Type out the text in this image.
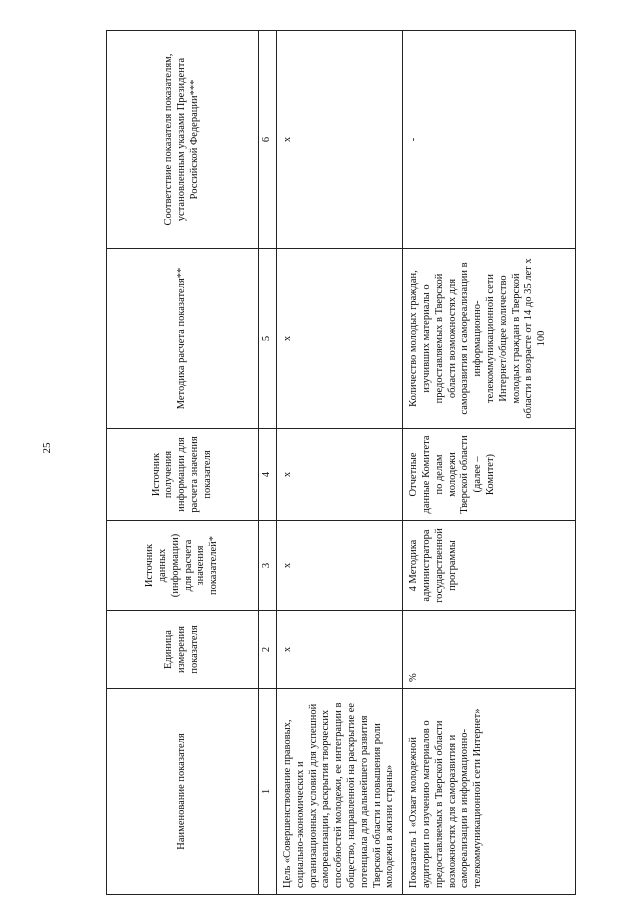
25
Наименование показателя	Единица измерения показателя	Источник данных (информации) для расчета значения показателей*	Источник получения информации для расчета значения показателя	Методика расчета показателя**	Соответствие показателя показателям, установленным указами Президента Российской Федерации***
1	2	3	4	5	6
Цель «Совершенствование правовых, социально-экономических и организационных условий для успешной самореализации, раскрытия творческих способностей молодежи, ее интеграции в общество, направленной на раскрытие ее потенциала для дальнейшего развития Тверской области и повышения роли молодежи в жизни страны»	х	х	х	х	х
Показатель 1 «Охват молодежной аудитории по изучению материалов о предоставляемых в Тверской области возможностях для саморазвития и самореализации в информационно-телекоммуникационной сети Интернет»	%	4 Методика администратора государственной программы	Отчетные данные Комитета по делам молодежи Тверской области (далее – Комитет)	Количество молодых граждан, изучивших материалы о предоставляемых в Тверской области возможностях для саморазвития и самореализации в информационно-телекоммуникационной сети Интернет/общее количество молодых граждан в Тверской области в возрасте от 14 до 35 лет х 100	-
